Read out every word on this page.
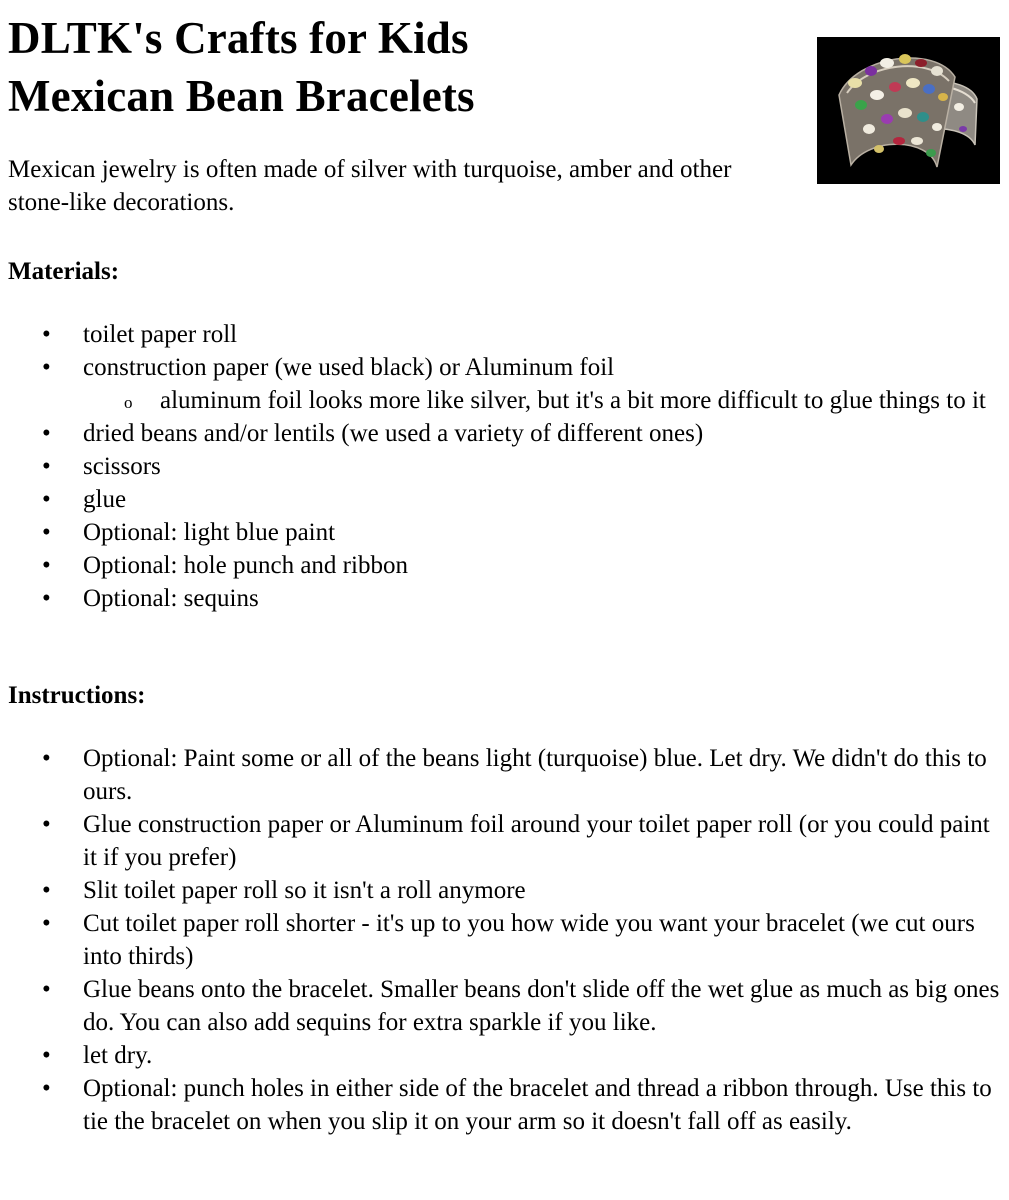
DLTK's Crafts for Kids
Mexican Bean Bracelets

Mexican jewelry is often made of silver with turquoise, amber and other stone-like decorations.

Materials:
• toilet paper roll
• construction paper (we used black) or Aluminum foil
o aluminum foil looks more like silver, but it's a bit more difficult to glue things to it
• dried beans and/or lentils (we used a variety of different ones)
• scissors
• glue
• Optional: light blue paint
• Optional: hole punch and ribbon
• Optional: sequins
Instructions:
• Optional: Paint some or all of the beans light (turquoise) blue. Let dry. We didn't do this to ours.
• Glue construction paper or Aluminum foil around your toilet paper roll (or you could paint it if you prefer)
• Slit toilet paper roll so it isn't a roll anymore
• Cut toilet paper roll shorter - it's up to you how wide you want your bracelet (we cut ours into thirds)
• Glue beans onto the bracelet. Smaller beans don't slide off the wet glue as much as big ones do. You can also add sequins for extra sparkle if you like.
• let dry.
• Optional: punch holes in either side of the bracelet and thread a ribbon through. Use this to tie the bracelet on when you slip it on your arm so it doesn't fall off as easily.
